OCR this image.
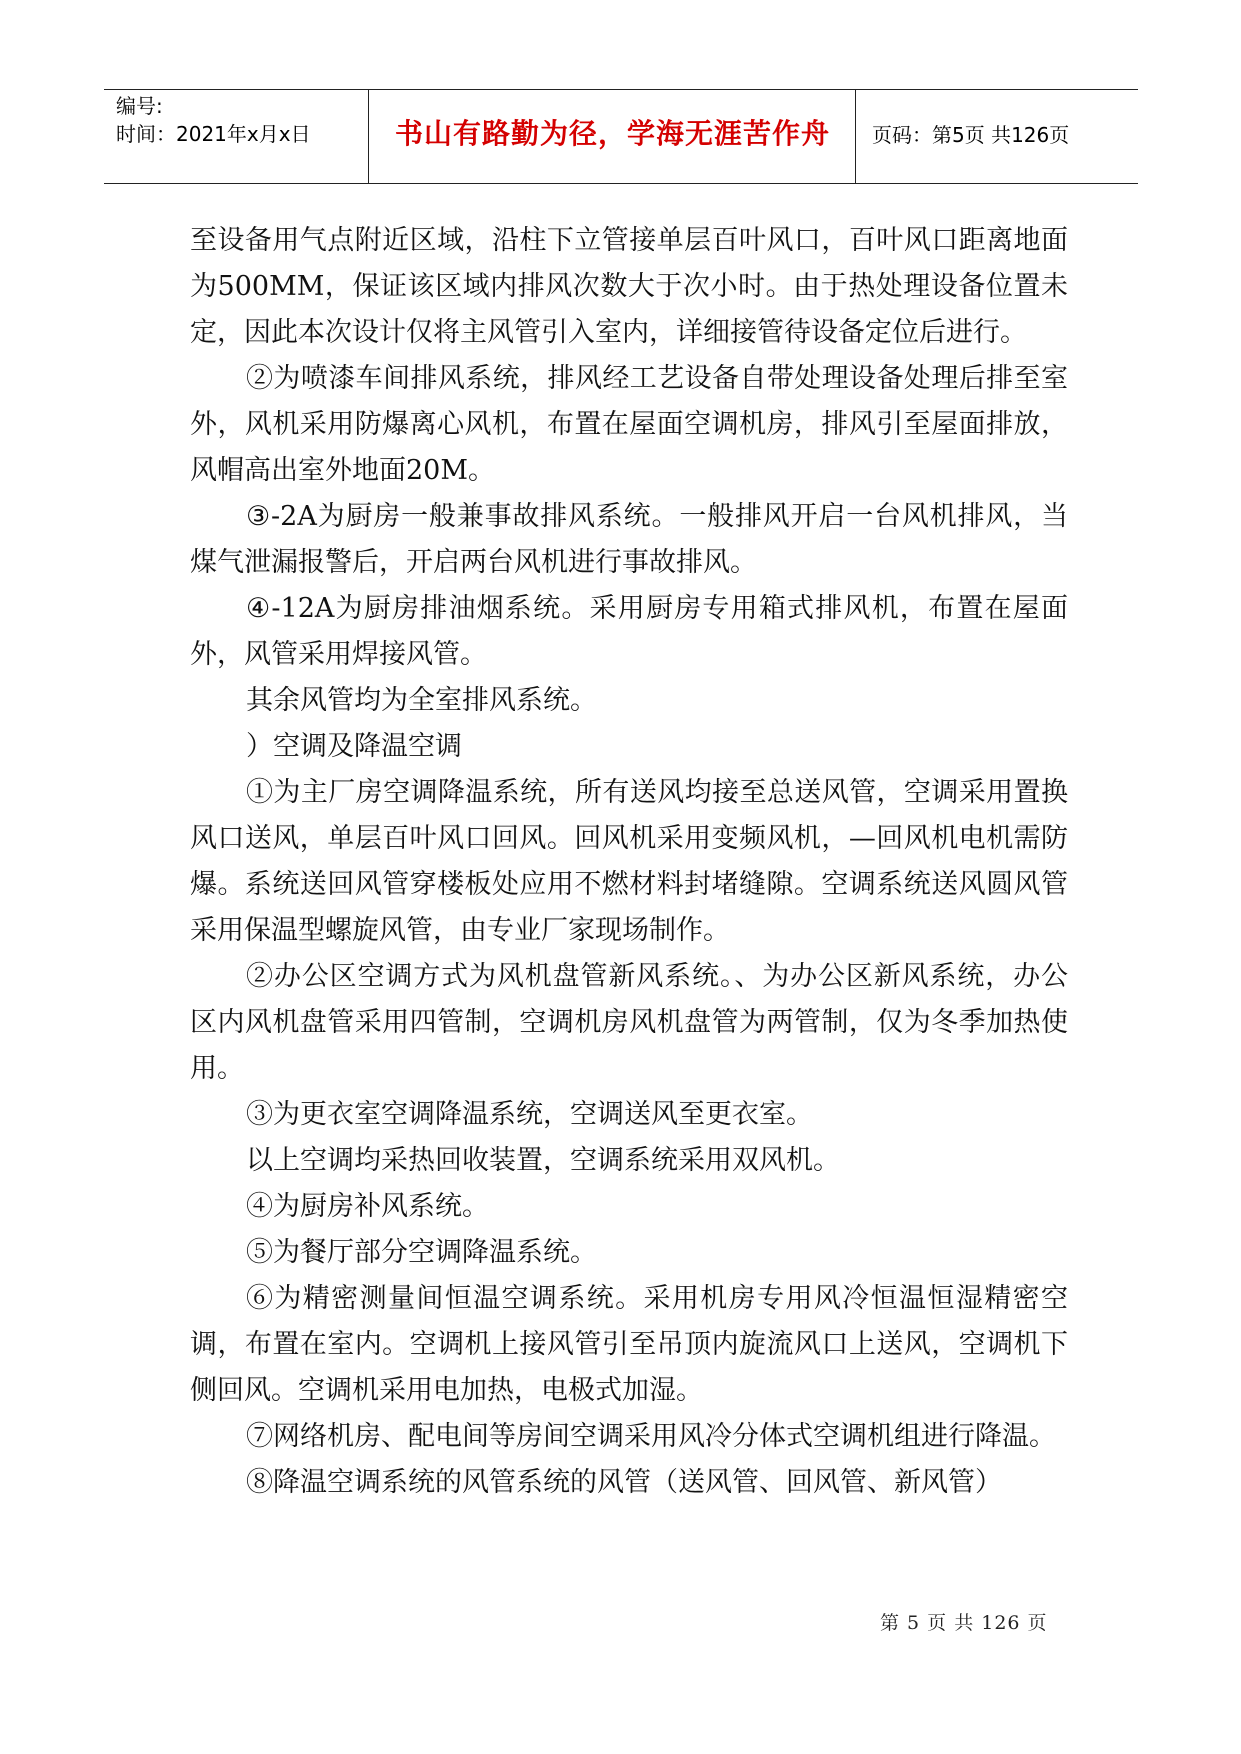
编号:
时间：2021年x月x日	书山有路勤为径，学海无涯苦作舟	页码：第5页 共126页

至设备用气点附近区域，沿柱下立管接单层百叶风口，百叶风口距离地面为500MM，保证该区域内排风次数大于次小时。由于热处理设备位置未定，因此本次设计仅将主风管引入室内，详细接管待设备定位后进行。

②为喷漆车间排风系统，排风经工艺设备自带处理设备处理后排至室外，风机采用防爆离心风机，布置在屋面空调机房，排风引至屋面排放，风帽高出室外地面20M。

③-2A为厨房一般兼事故排风系统。一般排风开启一台风机排风，当煤气泄漏报警后，开启两台风机进行事故排风。

④-12A为厨房排油烟系统。采用厨房专用箱式排风机，布置在屋面外，风管采用焊接风管。

其余风管均为全室排风系统。

）空调及降温空调

①为主厂房空调降温系统，所有送风均接至总送风管，空调采用置换风口送风，单层百叶风口回风。回风机采用变频风机，—回风机电机需防爆。系统送回风管穿楼板处应用不燃材料封堵缝隙。空调系统送风圆风管采用保温型螺旋风管，由专业厂家现场制作。

②办公区空调方式为风机盘管新风系统。、为办公区新风系统，办公区内风机盘管采用四管制，空调机房风机盘管为两管制，仅为冬季加热使用。

③为更衣室空调降温系统，空调送风至更衣室。

以上空调均采热回收装置，空调系统采用双风机。

④为厨房补风系统。

⑤为餐厅部分空调降温系统。

⑥为精密测量间恒温空调系统。采用机房专用风冷恒温恒湿精密空调，布置在室内。空调机上接风管引至吊顶内旋流风口上送风，空调机下侧回风。空调机采用电加热，电极式加湿。

⑦网络机房、配电间等房间空调采用风冷分体式空调机组进行降温。

⑧降温空调系统的风管系统的风管（送风管、回风管、新风管）

第 5 页 共 126 页
